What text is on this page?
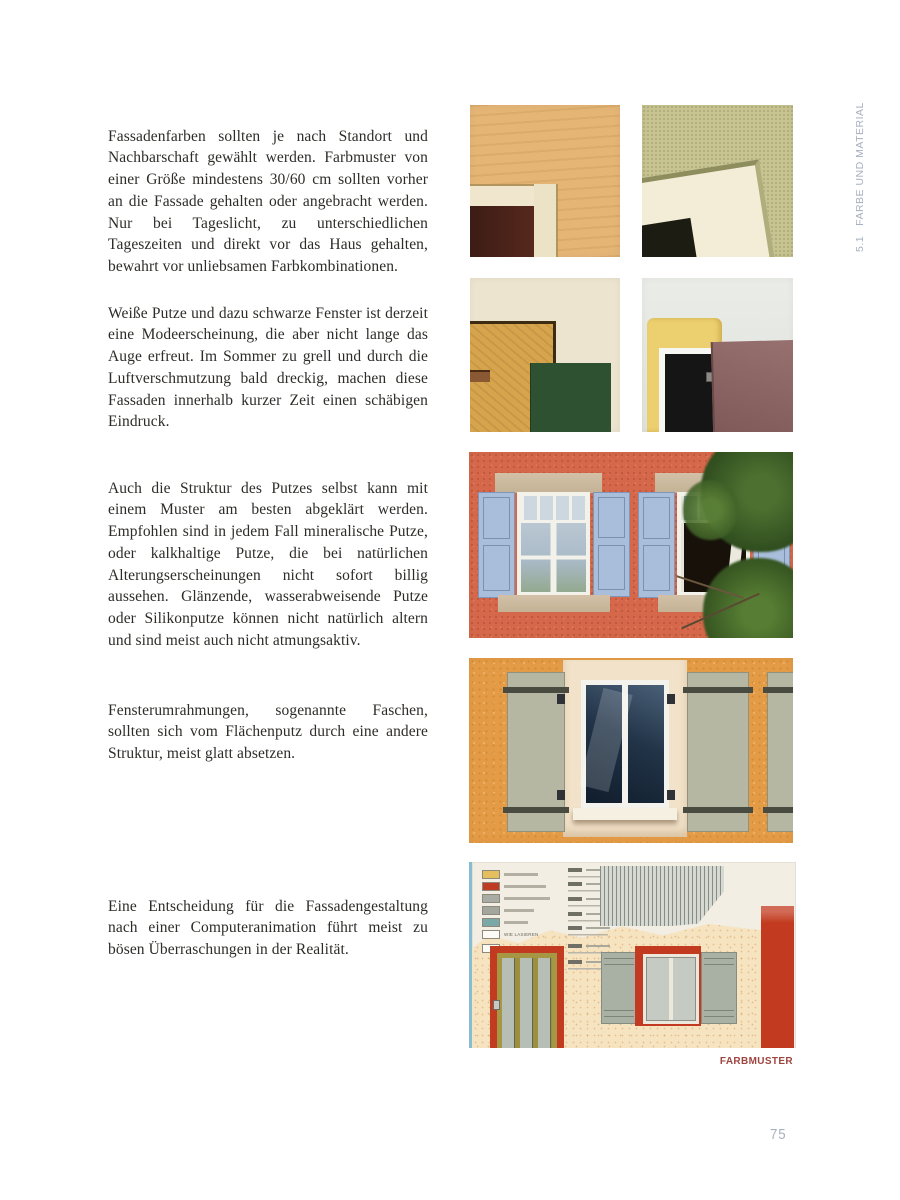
5.1
FARBE UND MATERIAL

Fassadenfarben sollten je nach Standort und Nachbarschaft gewählt werden. Farbmuster von einer Größe mindestens 30/60 cm sollten vorher an die Fassade gehalten oder angebracht werden. Nur bei Tageslicht, zu unterschiedlichen Tageszeiten und direkt vor das Haus gehalten, bewahrt vor unliebsamen Farbkombinationen.

Weiße Putze und dazu schwarze Fenster ist derzeit eine Modeerscheinung, die aber nicht lange das Auge erfreut. Im Sommer zu grell und durch die Luftverschmutzung bald dreckig, machen diese Fassaden innerhalb kurzer Zeit einen schäbigen Eindruck.

Auch die Struktur des Putzes selbst kann mit einem Muster am besten abgeklärt werden. Empfohlen sind in jedem Fall mineralische Putze, oder kalkhaltige Putze, die bei natürlichen Alterungserscheinungen nicht sofort billig aussehen. Glänzende, wasserabweisende Putze oder Silikonputze können nicht natürlich altern und sind meist auch nicht atmungsaktiv.

Fensterumrahmungen, sogenannte Faschen, sollten sich vom Flächenputz durch eine andere Struktur, meist glatt absetzen.

Eine Entscheidung für die Fassadengestaltung nach einer Computeranimation führt meist zu bösen Überraschungen in der Realität.

WIE LASIEREN
FARBMUSTER
75
